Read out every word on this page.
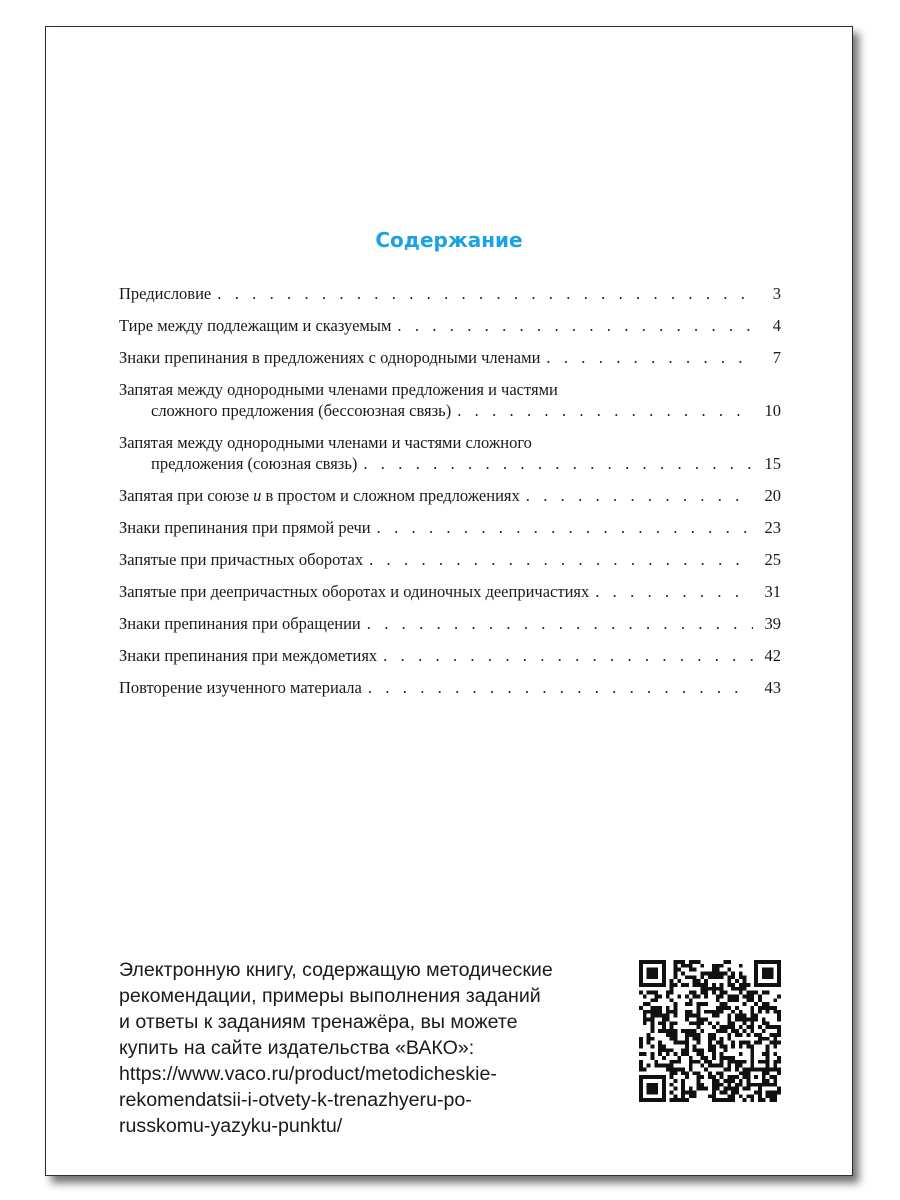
Содержание
Предисловие . . .	3
Тире между подлежащим и сказуемым . . .	4
Знаки препинания в предложениях с однородными членами . . .	7
Запятая между однородными членами предложения и частями
сложного предложения (бессоюзная связь) . . .	10
Запятая между однородными членами и частями сложного
предложения (союзная связь) . . .	15
Запятая при союзе и в простом и сложном предложениях . . .	20
Знаки препинания при прямой речи . . .	23
Запятые при причастных оборотах . . .	25
Запятые при деепричастных оборотах и одиночных деепричастиях . . .	31
Знаки препинания при обращении . . .	39
Знаки препинания при междометиях . . .	42
Повторение изученного материала . . .	43
Электронную книгу, содержащую методические
рекомендации, примеры выполнения заданий
и ответы к заданиям тренажёра, вы можете
купить на сайте издательства «ВАКО»:
https://www.vaco.ru/product/metodicheskie-
rekomendatsii-i-otvety-k-trenazhyeru-po-
russkomu-yazyku-punktu/
